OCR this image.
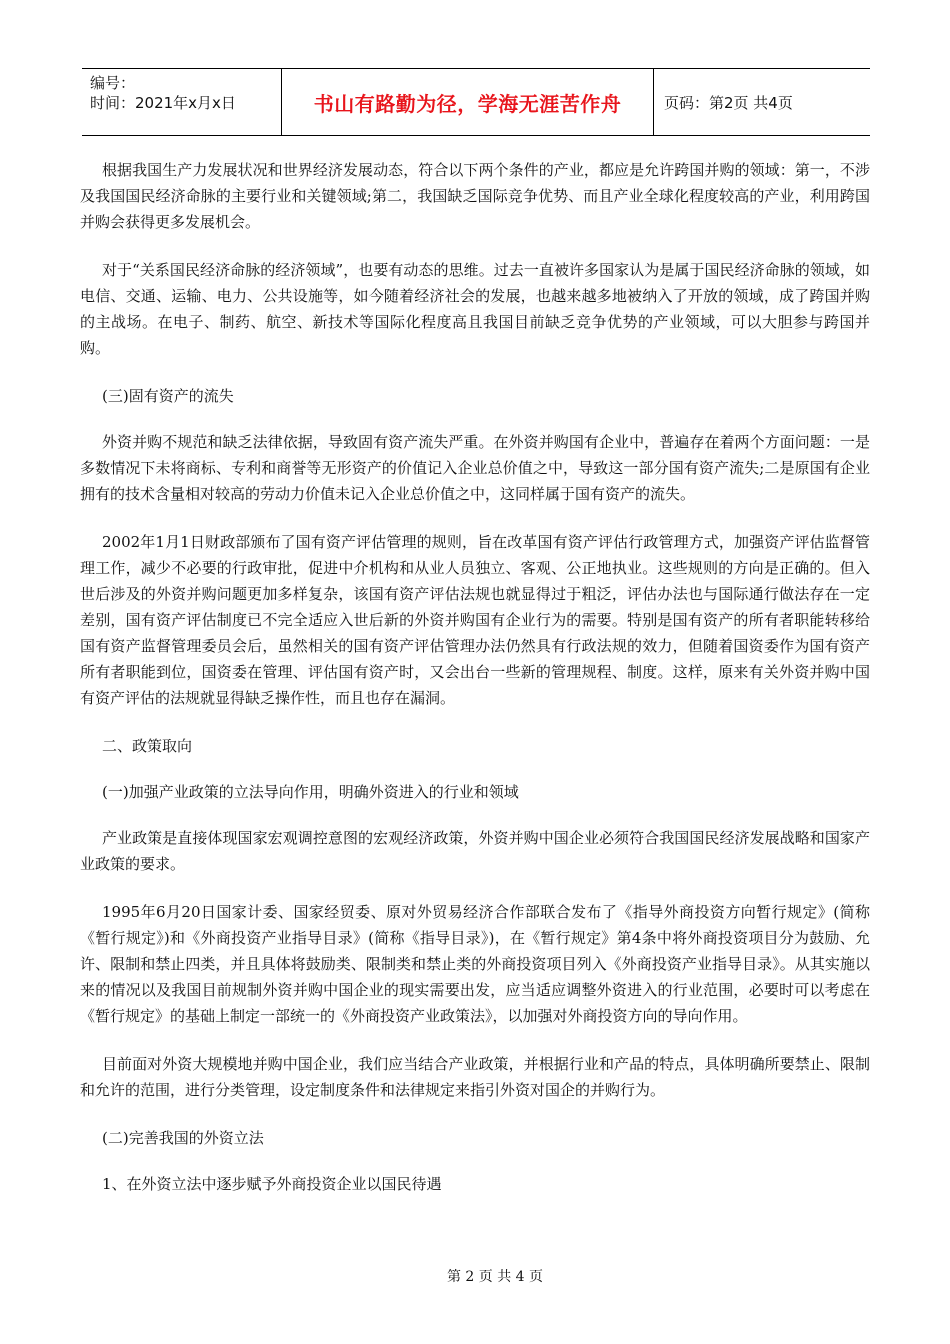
编号：
时间：2021年x月x日	书山有路勤为径，学海无涯苦作舟	页码：第2页 共4页

根据我国生产力发展状况和世界经济发展动态，符合以下两个条件的产业，都应是允许跨国并购的领域：第一，不涉及我国国民经济命脉的主要行业和关键领域;第二，我国缺乏国际竞争优势、而且产业全球化程度较高的产业，利用跨国并购会获得更多发展机会。

对于“关系国民经济命脉的经济领域”，也要有动态的思维。过去一直被许多国家认为是属于国民经济命脉的领域，如电信、交通、运输、电力、公共设施等，如今随着经济社会的发展，也越来越多地被纳入了开放的领域，成了跨国并购的主战场。在电子、制药、航空、新技术等国际化程度高且我国目前缺乏竞争优势的产业领域，可以大胆参与跨国并购。

(三)固有资产的流失

外资并购不规范和缺乏法律依据，导致固有资产流失严重。在外资并购国有企业中，普遍存在着两个方面问题：一是多数情况下未将商标、专利和商誉等无形资产的价值记入企业总价值之中，导致这一部分国有资产流失;二是原国有企业拥有的技术含量相对较高的劳动力价值未记入企业总价值之中，这同样属于国有资产的流失。

2002年1月1日财政部颁布了国有资产评估管理的规则，旨在改革国有资产评估行政管理方式，加强资产评估监督管理工作，减少不必要的行政审批，促进中介机构和从业人员独立、客观、公正地执业。这些规则的方向是正确的。但入世后涉及的外资并购问题更加多样复杂，该国有资产评估法规也就显得过于粗泛，评估办法也与国际通行做法存在一定差别，国有资产评估制度已不完全适应入世后新的外资并购国有企业行为的需要。特别是国有资产的所有者职能转移给国有资产监督管理委员会后，虽然相关的国有资产评估管理办法仍然具有行政法规的效力，但随着国资委作为国有资产所有者职能到位，国资委在管理、评估国有资产时，又会出台一些新的管理规程、制度。这样，原来有关外资并购中国有资产评估的法规就显得缺乏操作性，而且也存在漏洞。

二、政策取向

(一)加强产业政策的立法导向作用，明确外资进入的行业和领域

产业政策是直接体现国家宏观调控意图的宏观经济政策，外资并购中国企业必须符合我国国民经济发展战略和国家产业政策的要求。

1995年6月20日国家计委、国家经贸委、原对外贸易经济合作部联合发布了《指导外商投资方向暂行规定》(简称《暂行规定》)和《外商投资产业指导目录》(简称《指导目录》)，在《暂行规定》第4条中将外商投资项目分为鼓励、允许、限制和禁止四类，并且具体将鼓励类、限制类和禁止类的外商投资项目列入《外商投资产业指导目录》。从其实施以来的情况以及我国目前规制外资并购中国企业的现实需要出发，应当适应调整外资进入的行业范围，必要时可以考虑在《暂行规定》的基础上制定一部统一的《外商投资产业政策法》，以加强对外商投资方向的导向作用。

目前面对外资大规模地并购中国企业，我们应当结合产业政策，并根据行业和产品的特点，具体明确所要禁止、限制和允许的范围，进行分类管理，设定制度条件和法律规定来指引外资对国企的并购行为。

(二)完善我国的外资立法

1、在外资立法中逐步赋予外商投资企业以国民待遇

第 2 页 共 4 页
